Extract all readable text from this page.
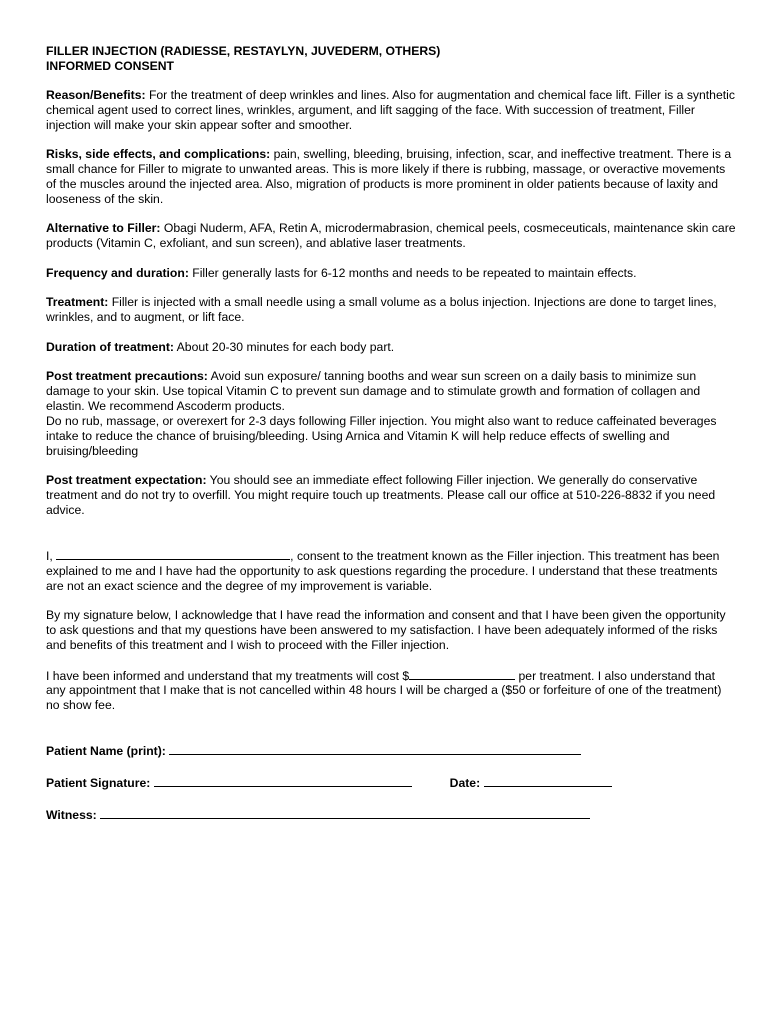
FILLER INJECTION (RADIESSE, RESTAYLYN, JUVEDERM, OTHERS)
INFORMED CONSENT

Reason/Benefits: For the treatment of deep wrinkles and lines. Also for augmentation and chemical face lift. Filler is a synthetic chemical agent used to correct lines, wrinkles, argument, and lift sagging of the face. With succession of treatment, Filler injection will make your skin appear softer and smoother.

Risks, side effects, and complications: pain, swelling, bleeding, bruising, infection, scar, and ineffective treatment. There is a small chance for Filler to migrate to unwanted areas. This is more likely if there is rubbing, massage, or overactive movements of the muscles around the injected area. Also, migration of products is more prominent in older patients because of laxity and looseness of the skin.

Alternative to Filler: Obagi Nuderm, AFA, Retin A, microdermabrasion, chemical peels, cosmeceuticals, maintenance skin care products (Vitamin C, exfoliant, and sun screen), and ablative laser treatments.

Frequency and duration: Filler generally lasts for 6-12 months and needs to be repeated to maintain effects.

Treatment: Filler is injected with a small needle using a small volume as a bolus injection. Injections are done to target lines, wrinkles, and to augment, or lift face.

Duration of treatment: About 20-30 minutes for each body part.

Post treatment precautions: Avoid sun exposure/ tanning booths and wear sun screen on a daily basis to minimize sun damage to your skin. Use topical Vitamin C to prevent sun damage and to stimulate growth and formation of collagen and elastin. We recommend Ascoderm products.

Do no rub, massage, or overexert for 2-3 days following Filler injection. You might also want to reduce caffeinated beverages intake to reduce the chance of bruising/bleeding. Using Arnica and Vitamin K will help reduce effects of swelling and bruising/bleeding

Post treatment expectation: You should see an immediate effect following Filler injection. We generally do conservative treatment and do not try to overfill. You might require touch up treatments. Please call our office at 510-226-8832 if you need advice.

I,	, consent to the treatment known as the Filler injection. This treatment has been explained to me and I have had the opportunity to ask questions regarding the procedure. I understand that these treatments are not an exact science and the degree of my improvement is variable.

By my signature below, I acknowledge that I have read the information and consent and that I have been given the opportunity to ask questions and that my questions have been answered to my satisfaction. I have been adequately informed of the risks and benefits of this treatment and I wish to proceed with the Filler injection.

I have been informed and understand that my treatments will cost $	per treatment. I also understand that any appointment that I make that is not cancelled within 48 hours I will be charged a ($50 or forfeiture of one of the treatment) no show fee.

Patient Name (print):
Patient Signature:	Date:
Witness:
